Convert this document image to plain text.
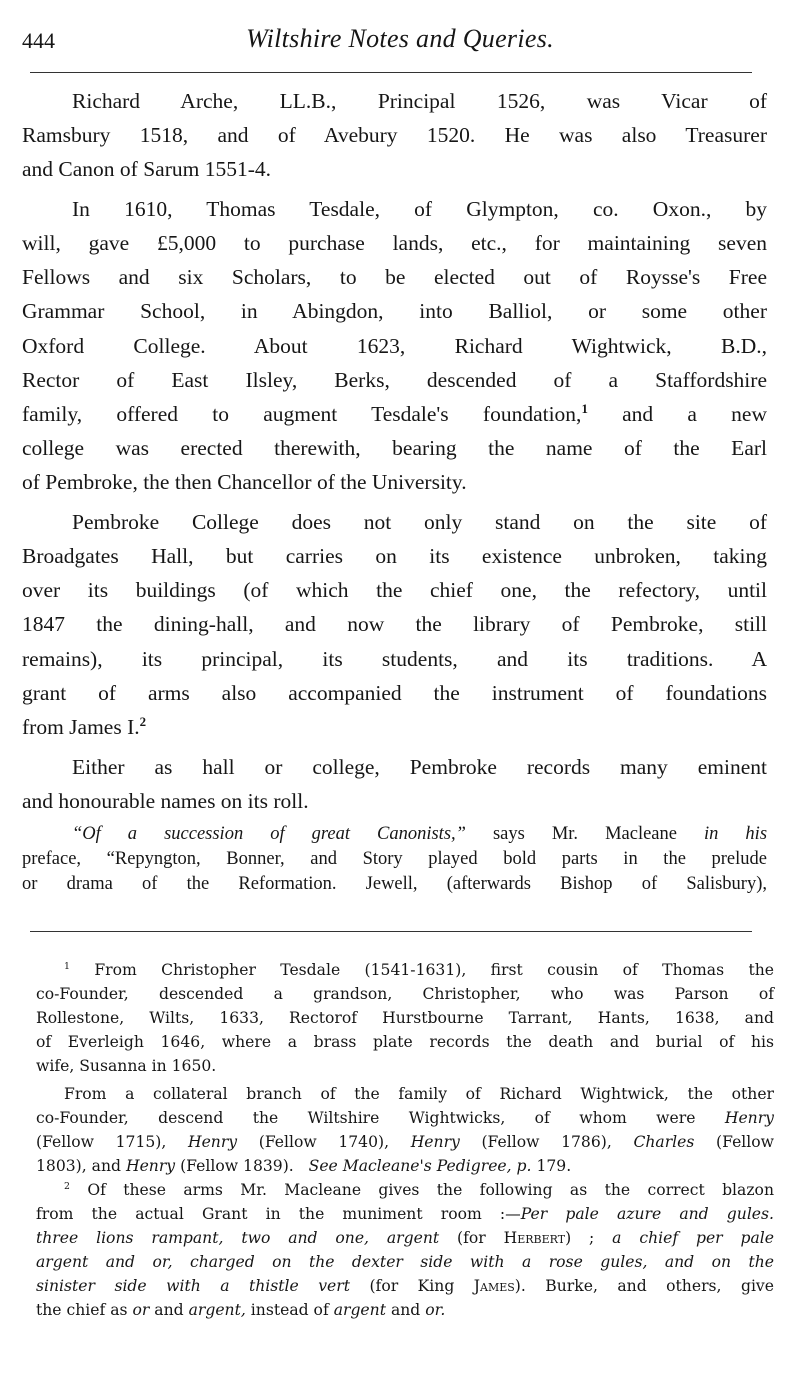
444	Wiltshire Notes and Queries.
Richard Arche, LL.B., Principal 1526, was Vicar of
Ramsbury 1518, and of Avebury 1520. He was also Treasurer
and Canon of Sarum 1551-4.
In 1610, Thomas Tesdale, of Glympton, co. Oxon., by
will, gave £5,000 to purchase lands, etc., for maintaining seven
Fellows and six Scholars, to be elected out of Roysse's Free
Grammar School, in Abingdon, into Balliol, or some other
Oxford College. About 1623, Richard Wightwick, B.D.,
Rector of East Ilsley, Berks, descended of a Staffordshire
family, offered to augment Tesdale's foundation,$^1$ and a new
college was erected therewith, bearing the name of the Earl
of Pembroke, the then Chancellor of the University.
Pembroke College does not only stand on the site of
Broadgates Hall, but carries on its existence unbroken, taking
over its buildings (of which the chief one, the refectory, until
1847 the dining-hall, and now the library of Pembroke, still
remains), its principal, its students, and its traditions. A
grant of arms also accompanied the instrument of foundations
from James I.$^2$
Either as hall or college, Pembroke records many eminent
and honourable names on its roll.
“Of a succession of great Canonists,” says Mr. Macleane in his
preface, “Repyngton, Bonner, and Story played bold parts in the prelude
or drama of the Reformation. Jewell, (afterwards Bishop of Salisbury),
$^1$ From Christopher Tesdale (1541-1631), first cousin of Thomas the
co-Founder, descended a grandson, Christopher, who was Parson of
Rollestone, Wilts, 1633, Rectorof Hurstbourne Tarrant, Hants, 1638, and
of Everleigh 1646, where a brass plate records the death and burial of his
wife, Susanna in 1650.
From a collateral branch of the family of Richard Wightwick, the other
co-Founder, descend the Wiltshire Wightwicks, of whom were Henry
(Fellow 1715), Henry (Fellow 1740), Henry (Fellow 1786), Charles (Fellow
1803), and Henry (Fellow 1839). See Macleane's Pedigree, p. 179.
$^2$ Of these arms Mr. Macleane gives the following as the correct blazon
from the actual Grant in the muniment room :—Per pale azure and gules.
three lions rampant, two and one, argent (for Herbert) ; a chief per pale
argent and or, charged on the dexter side with a rose gules, and on the
sinister side with a thistle vert (for King James). Burke, and others, give
the chief as or and argent, instead of argent and or.
